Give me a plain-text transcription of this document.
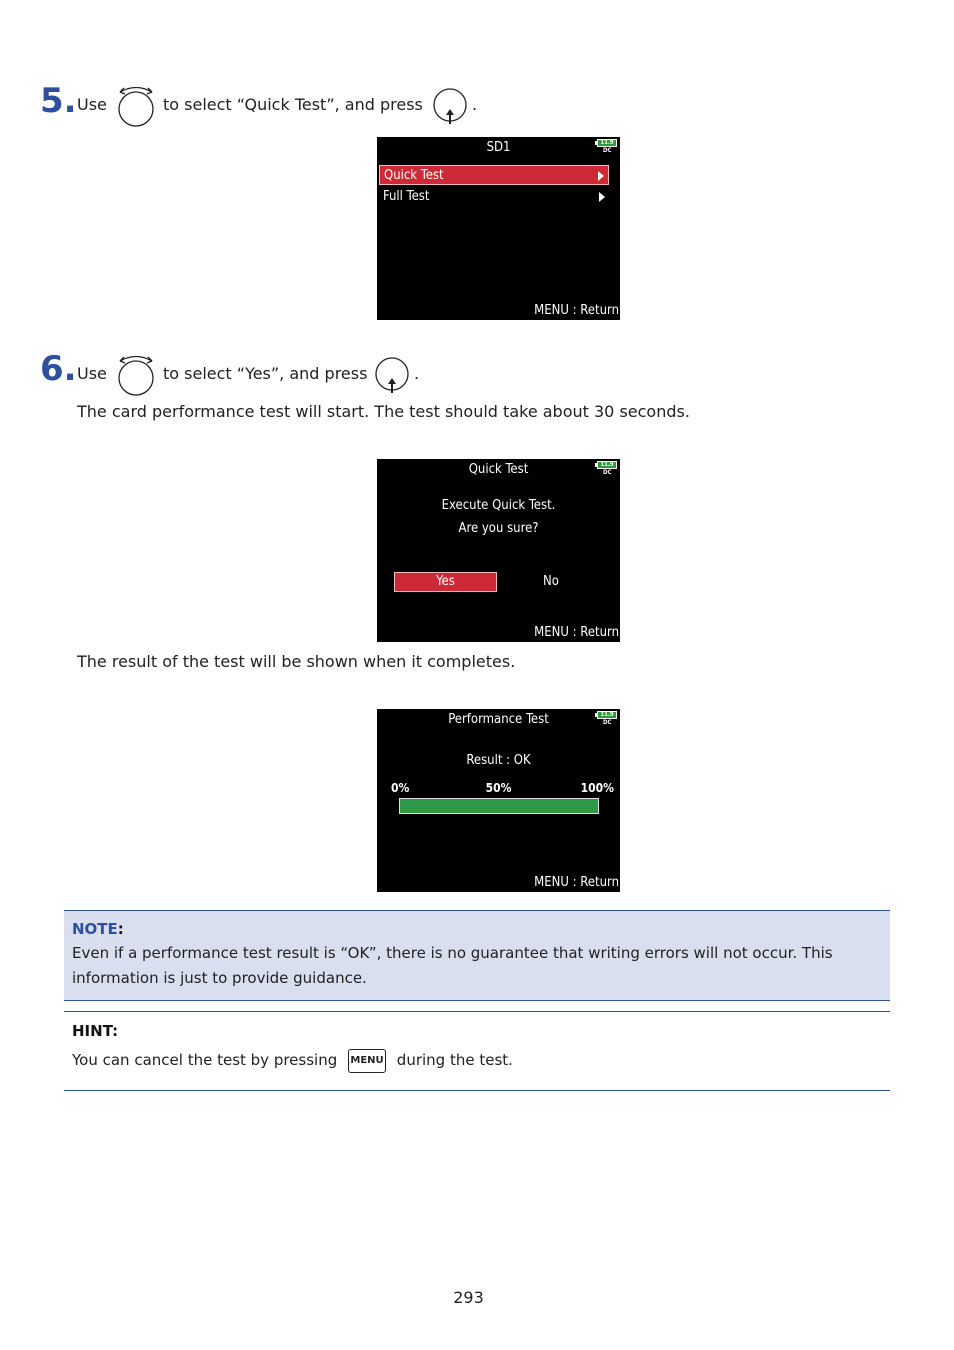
5. Use	to select “Quick Test”, and press	.
SD1	11.9
DC
Quick Test
Full Test
MENU : Return
6. Use	to select “Yes”, and press	.
The card performance test will start. The test should take about 30 seconds.
Quick Test	11.9
DC
Execute Quick Test.
Are you sure?
Yes	No
MENU : Return
The result of the test will be shown when it completes.
Performance Test	11.9
DC
Result : OK
0%	50%	100%
MENU : Return
NOTE:
Even if a performance test result is “OK”, there is no guarantee that writing errors will not occur. This
information is just to provide guidance.
HINT:
You can cancel the test by pressing MENU during the test.
293
